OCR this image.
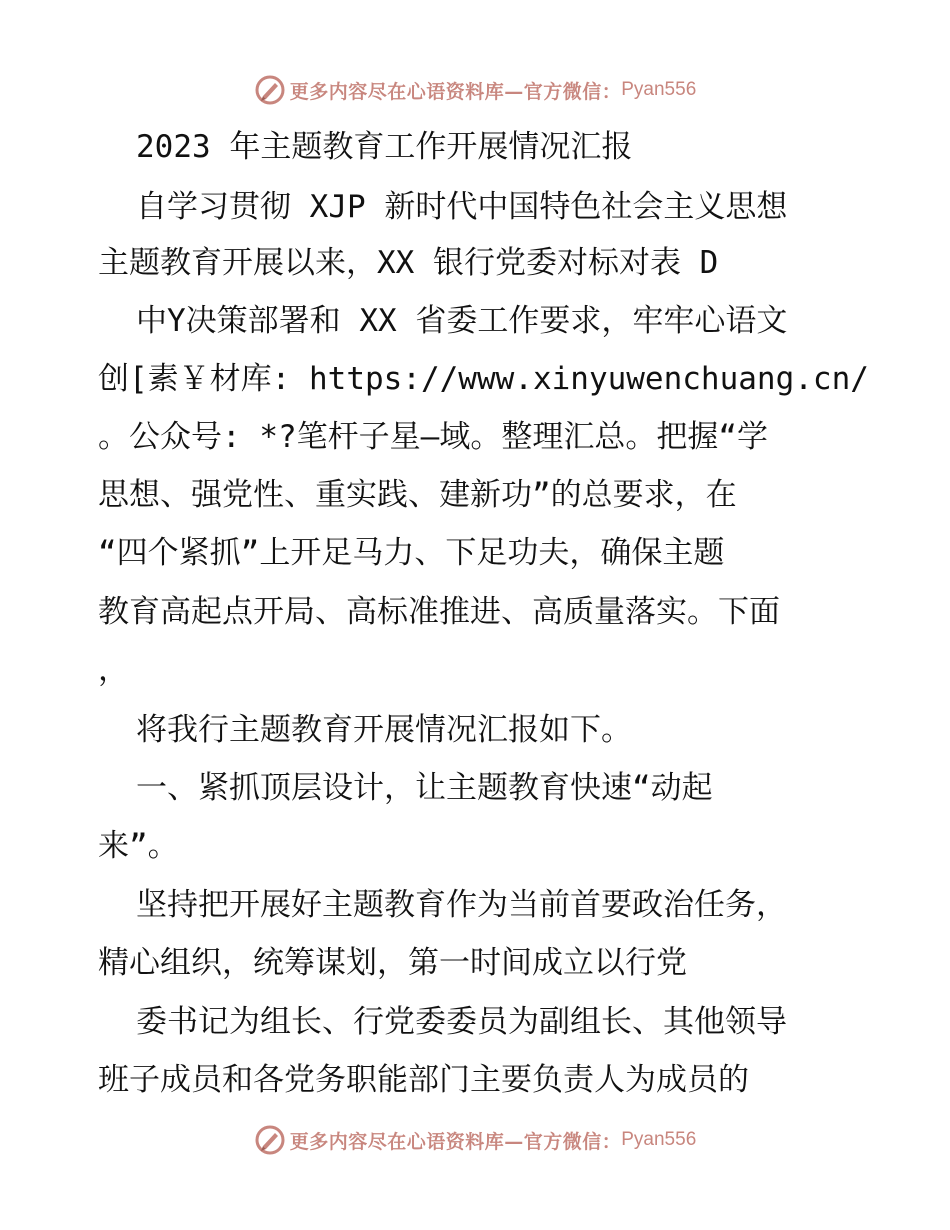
更多内容尽在心语资料库—官方微信： Pyan556
2023 年主题教育工作开展情况汇报
自学习贯彻 XJP 新时代中国特色社会主义思想
主题教育开展以来，XX 银行党委对标对表 D
中Y决策部署和 XX 省委工作要求，牢牢心语文
创[素￥材库: https://www.xinyuwenchuang.cn/
。公众号: *?笔杆子星—域。整理汇总。把握“学
思想、强党性、重实践、建新功”的总要求，在
“四个紧抓”上开足马力、下足功夫，确保主题
教育高起点开局、高标准推进、高质量落实。下面
，
将我行主题教育开展情况汇报如下。
一、紧抓顶层设计，让主题教育快速“动起
来”。
坚持把开展好主题教育作为当前首要政治任务，
精心组织，统筹谋划，第一时间成立以行党
委书记为组长、行党委委员为副组长、其他领导
班子成员和各党务职能部门主要负责人为成员的
更多内容尽在心语资料库—官方微信： Pyan556
